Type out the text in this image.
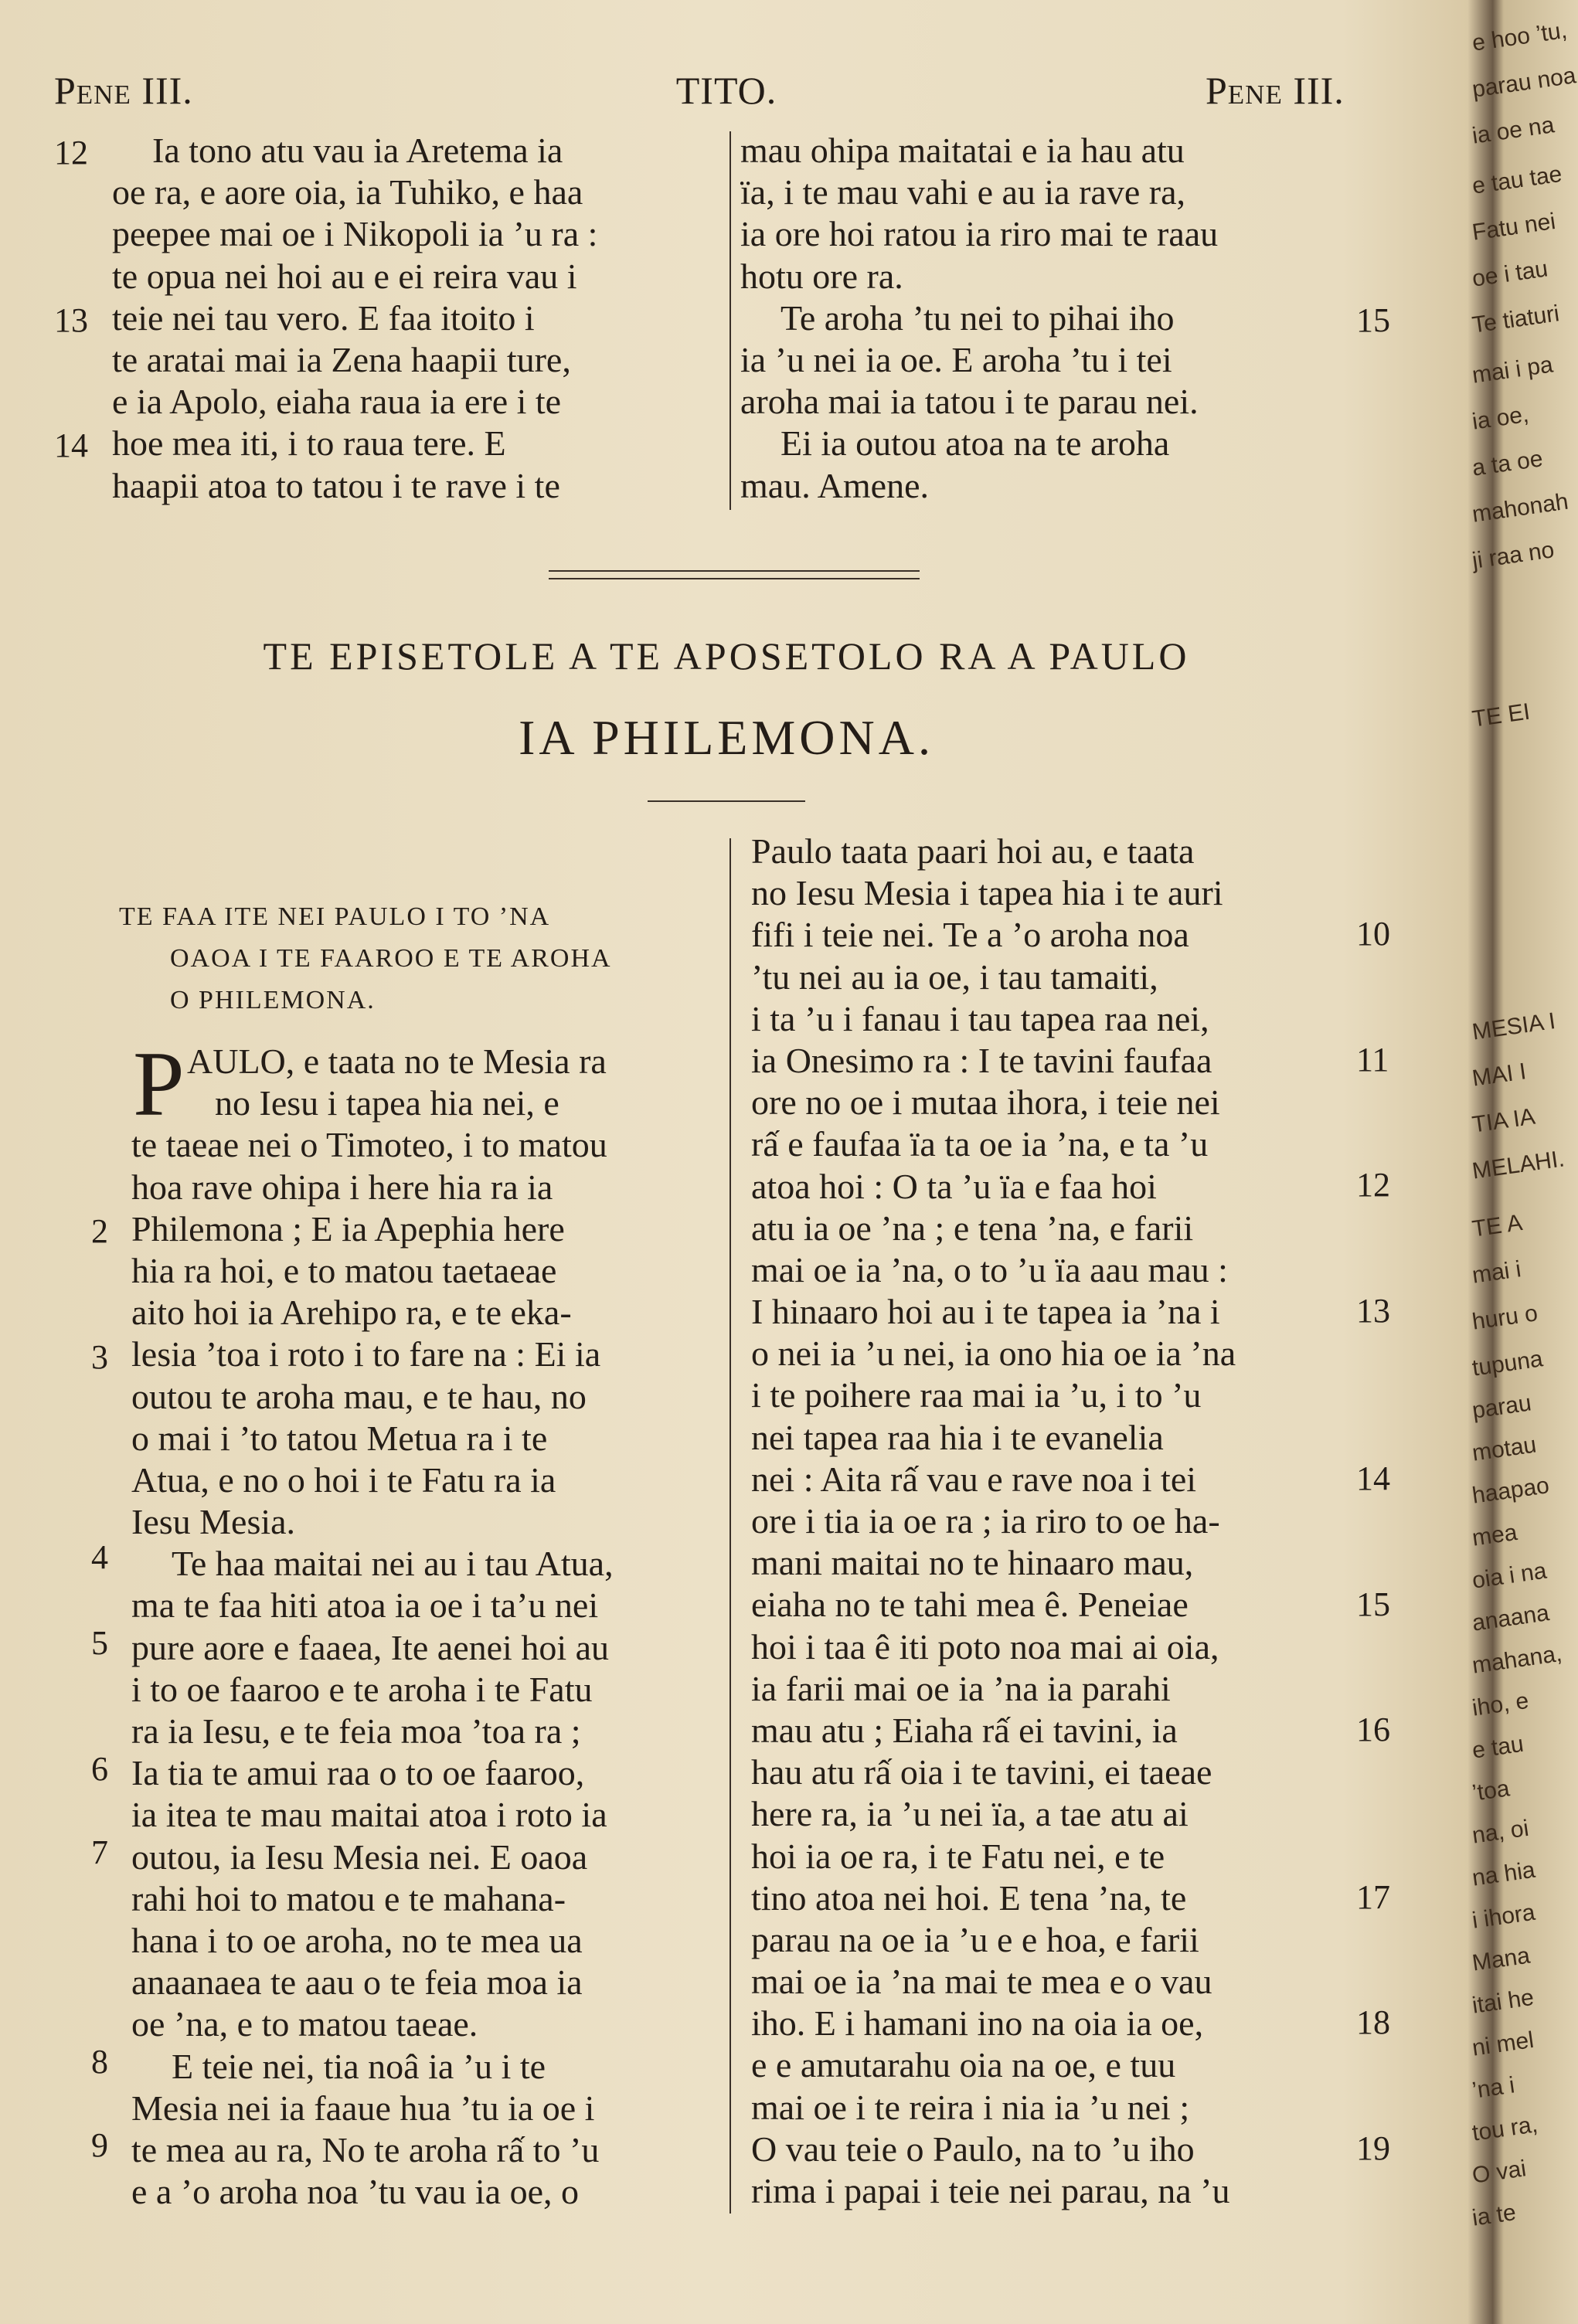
Pene III.	TITO.	Pene III.
12
13
14
Ia tono atu vau ia Aretema ia
oe ra, e aore oia, ia Tuhiko, e haa
peepee mai oe i Nikopoli ia ’u ra :
te opua nei hoi au e ei reira vau i
teie nei tau vero. E faa itoito i
te aratai mai ia Zena haapii ture,
e ia Apolo, eiaha raua ia ere i te
hoe mea iti, i to raua tere. E
haapii atoa to tatou i te rave i te
15
mau ohipa maitatai e ia hau atu
ïa, i te mau vahi e au ia rave ra,
ia ore hoi ratou ia riro mai te raau
hotu ore ra.
Te aroha ’tu nei to pihai iho
ia ’u nei ia oe. E aroha ’tu i tei
aroha mai ia tatou i te parau nei.
Ei ia outou atoa na te aroha
mau. Amene.
TE EPISETOLE A TE APOSETOLO RA A PAULO
IA PHILEMONA.
TE FAA ITE NEI PAULO I TO ’NA
OAOA I TE FAAROO E TE AROHA
O PHILEMONA.
P
2
3
4
5
6
7
8
9
AULO, e taata no te Mesia ra
no Iesu i tapea hia nei, e
te taeae nei o Timoteo, i to matou
hoa rave ohipa i here hia ra ia
Philemona ; E ia Apephia here
hia ra hoi, e to matou taetaeae
aito hoi ia Arehipo ra, e te eka-
lesia ’toa i roto i to fare na : Ei ia
outou te aroha mau, e te hau, no
o mai i ’to tatou Metua ra i te
Atua, e no o hoi i te Fatu ra ia
Iesu Mesia.
Te haa maitai nei au i tau Atua,
ma te faa hiti atoa ia oe i ta’u nei
pure aore e faaea, Ite aenei hoi au
i to oe faaroo e te aroha i te Fatu
ra ia Iesu, e te feia moa ’toa ra ;
Ia tia te amui raa o to oe faaroo,
ia itea te mau maitai atoa i roto ia
outou, ia Iesu Mesia nei. E oaoa
rahi hoi to matou e te mahana-
hana i to oe aroha, no te mea ua
anaanaea te aau o te feia moa ia
oe ’na, e to matou taeae.
E teie nei, tia noâ ia ’u i te
Mesia nei ia faaue hua ’tu ia oe i
te mea au ra, No te aroha rấ to ’u
e a ’o aroha noa ’tu vau ia oe, o
10
11
12
13
14
15
16
17
18
19
Paulo taata paari hoi au, e taata
no Iesu Mesia i tapea hia i te auri
fifi i teie nei. Te a ’o aroha noa
’tu nei au ia oe, i tau tamaiti,
i ta ’u i fanau i tau tapea raa nei,
ia Onesimo ra : I te tavini faufaa
ore no oe i mutaa ihora, i teie nei
rấ e faufaa ïa ta oe ia ’na, e ta ’u
atoa hoi : O ta ’u ïa e faa hoi
atu ia oe ’na ; e tena ’na, e farii
mai oe ia ’na, o to ’u ïa aau mau :
I hinaaro hoi au i te tapea ia ’na i
o nei ia ’u nei, ia ono hia oe ia ’na
i te poihere raa mai ia ’u, i to ’u
nei tapea raa hia i te evanelia
nei : Aita rấ vau e rave noa i tei
ore i tia ia oe ra ; ia riro to oe ha-
mani maitai no te hinaaro mau,
eiaha no te tahi mea ê. Peneiae
hoi i taa ê iti poto noa mai ai oia,
ia farii mai oe ia ’na ia parahi
mau atu ; Eiaha rấ ei tavini, ia
hau atu rấ oia i te tavini, ei taeae
here ra, ia ’u nei ïa, a tae atu ai
hoi ia oe ra, i te Fatu nei, e te
tino atoa nei hoi. E tena ’na, te
parau na oe ia ’u e e hoa, e farii
mai oe ia ’na mai te mea e o vau
iho. E i hamani ino na oia ia oe,
e e amutarahu oia na oe, e tuu
mai oe i te reira i nia ia ’u nei ;
O vau teie o Paulo, na to ’u iho
rima i papai i teie nei parau, na ’u
e hoo ’tu,
parau noa
ia oe na
e tau tae
Fatu nei
oe i tau
Te tiaturi
mai i pa
ia oe,
a ta oe
mahonah
ji raa no
TE EI
MESIA I
MAI I
TIA IA
MELAHI.
TE A
mai i
huru o
tupuna
parau
motau
haapao
mea
oia i na
anaana
mahana,
iho, e
e tau
’toa
na, oi
na hia
i ihora
Mana
itai he
ni mel
’na i
tou ra,
O vai
ia te
